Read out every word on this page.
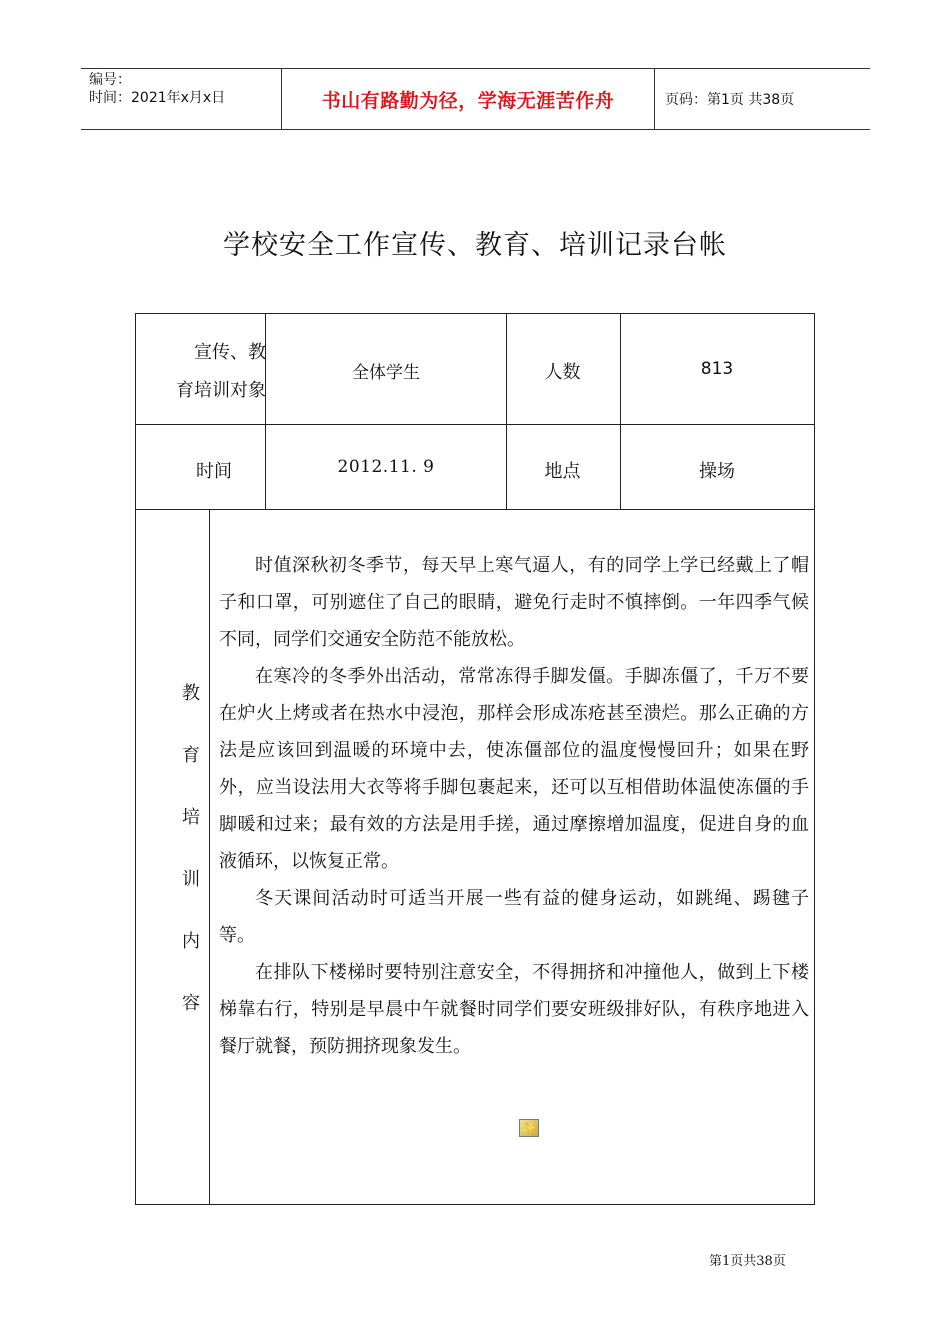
编号：
时间：2021年x月x日	书山有路勤为径，学海无涯苦作舟	页码：第1页 共38页
学校安全工作宣传、教育、培训记录台帐
宣传、教
育培训对象
全体学生	人数	813
时间	2012.11. 9	地点	操场
教
育
培
训
内
容

时值深秋初冬季节，每天早上寒气逼人，有的同学上学已经戴上了帽子和口罩，可别遮住了自己的眼睛，避免行走时不慎摔倒。一年四季气候不同，同学们交通安全防范不能放松。

在寒冷的冬季外出活动，常常冻得手脚发僵。手脚冻僵了，千万不要在炉火上烤或者在热水中浸泡，那样会形成冻疮甚至溃烂。那么正确的方法是应该回到温暖的环境中去，使冻僵部位的温度慢慢回升；如果在野外，应当设法用大衣等将手脚包裹起来，还可以互相借助体温使冻僵的手脚暖和过来；最有效的方法是用手搓，通过摩擦增加温度，促进自身的血液循环，以恢复正常。

冬天课间活动时可适当开展一些有益的健身运动，如跳绳、踢毽子等。

在排队下楼梯时要特别注意安全，不得拥挤和冲撞他人，做到上下楼梯靠右行，特别是早晨中午就餐时同学们要安班级排好队，有秩序地进入餐厅就餐，预防拥挤现象发生。

✨
第1页共38页
